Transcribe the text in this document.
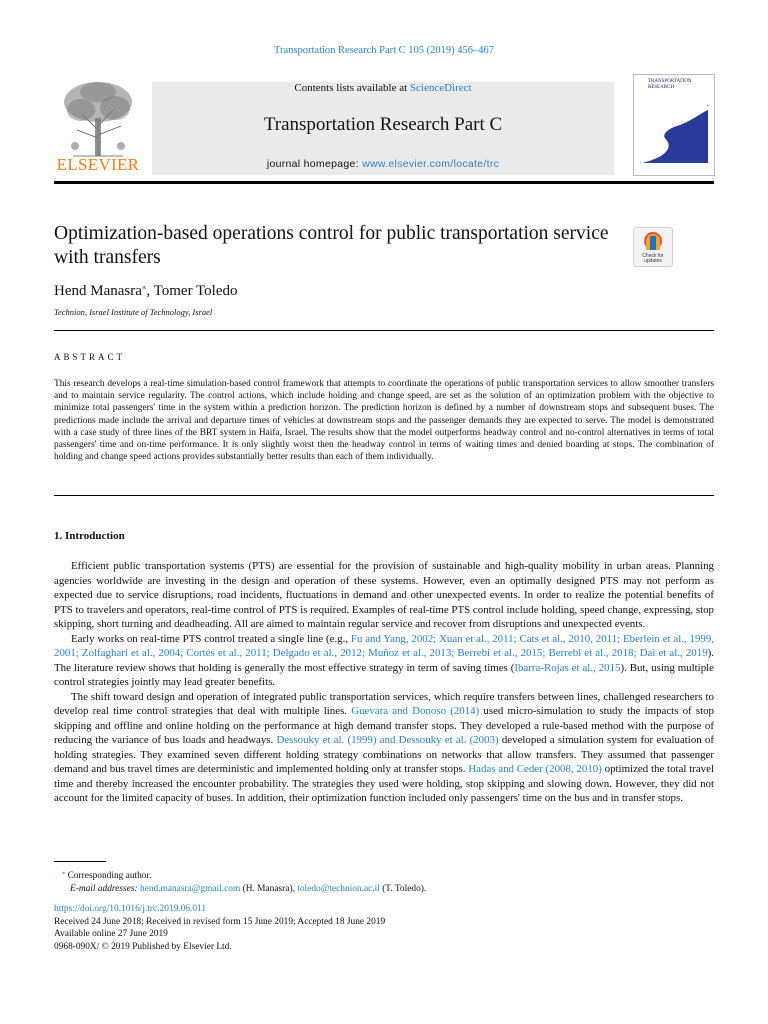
Transportation Research Part C 105 (2019) 456–467
ELSEVIER
Contents lists available at ScienceDirect
Transportation Research Part C
journal homepage: www.elsevier.com/locate/trc
TRANSPORTATION
RESEARCH
Optimization-based operations control for public transportation service with transfers	Check for
updates
Hend Manasra⁎, Tomer Toledo
Technion, Israel Institute of Technology, Israel
ABSTRACT
This research develops a real-time simulation-based control framework that attempts to coordinate the operations of public transportation services to allow smoother transfers and to maintain service regularity. The control actions, which include holding and change speed, are set as the solution of an optimization problem with the objective to minimize total passengers' time in the system within a prediction horizon. The prediction horizon is defined by a number of downstream stops and subsequent buses. The predictions made include the arrival and departure times of vehicles at downstream stops and the passenger demands they are expected to serve. The model is demonstrated with a case study of three lines of the BRT system in Haifa, Israel. The results show that the model outperforms headway control and no-control alternatives in terms of total passengers' time and on-time performance. It is only slightly worst then the headway control in terms of waiting times and denied boarding at stops. The combination of holding and change speed actions provides substantially better results than each of them individually.
1. Introduction

Efficient public transportation systems (PTS) are essential for the provision of sustainable and high-quality mobility in urban areas. Planning agencies worldwide are investing in the design and operation of these systems. However, even an optimally designed PTS may not perform as expected due to service disruptions, road incidents, fluctuations in demand and other unexpected events. In order to realize the potential benefits of PTS to travelers and operators, real-time control of PTS is required. Examples of real-time PTS control include holding, speed change, expressing, stop skipping, short turning and deadheading. All are aimed to maintain regular service and recover from disruptions and unexpected events.

Early works on real-time PTS control treated a single line (e.g., Fu and Yang, 2002; Xuan et al., 2011; Cats et al., 2010, 2011; Eberlein et al., 1999, 2001; Zolfaghari et al., 2004; Cortés et al., 2011; Delgado et al., 2012; Muñoz et al., 2013; Berrebi et al., 2015; Berrebi et al., 2018; Dai et al., 2019). The literature review shows that holding is generally the most effective strategy in term of saving times (Ibarra-Rojas et al., 2015). But, using multiple control strategies jointly may lead greater benefits.

The shift toward design and operation of integrated public transportation services, which require transfers between lines, challenged researchers to develop real time control strategies that deal with multiple lines. Guevara and Donoso (2014) used micro-simulation to study the impacts of stop skipping and offline and online holding on the performance at high demand transfer stops. They developed a rule-based method with the purpose of reducing the variance of bus loads and headways. Dessouky et al. (1999) and Dessouky et al. (2003) developed a simulation system for evaluation of holding strategies. They examined seven different holding strategy combinations on networks that allow transfers. They assumed that passenger demand and bus travel times are deterministic and implemented holding only at transfer stops. Hadas and Ceder (2008, 2010) optimized the total travel time and thereby increased the encounter probability. The strategies they used were holding, stop skipping and slowing down. However, they did not account for the limited capacity of buses. In addition, their optimization function included only passengers' time on the bus and in transfer stops.

⁎ Corresponding author.
E-mail addresses: hend.manasra@gmail.com (H. Manasra), toledo@technion.ac.il (T. Toledo).
https://doi.org/10.1016/j.trc.2019.06.011
Received 24 June 2018; Received in revised form 15 June 2019; Accepted 18 June 2019
Available online 27 June 2019
0968-090X/ © 2019 Published by Elsevier Ltd.
